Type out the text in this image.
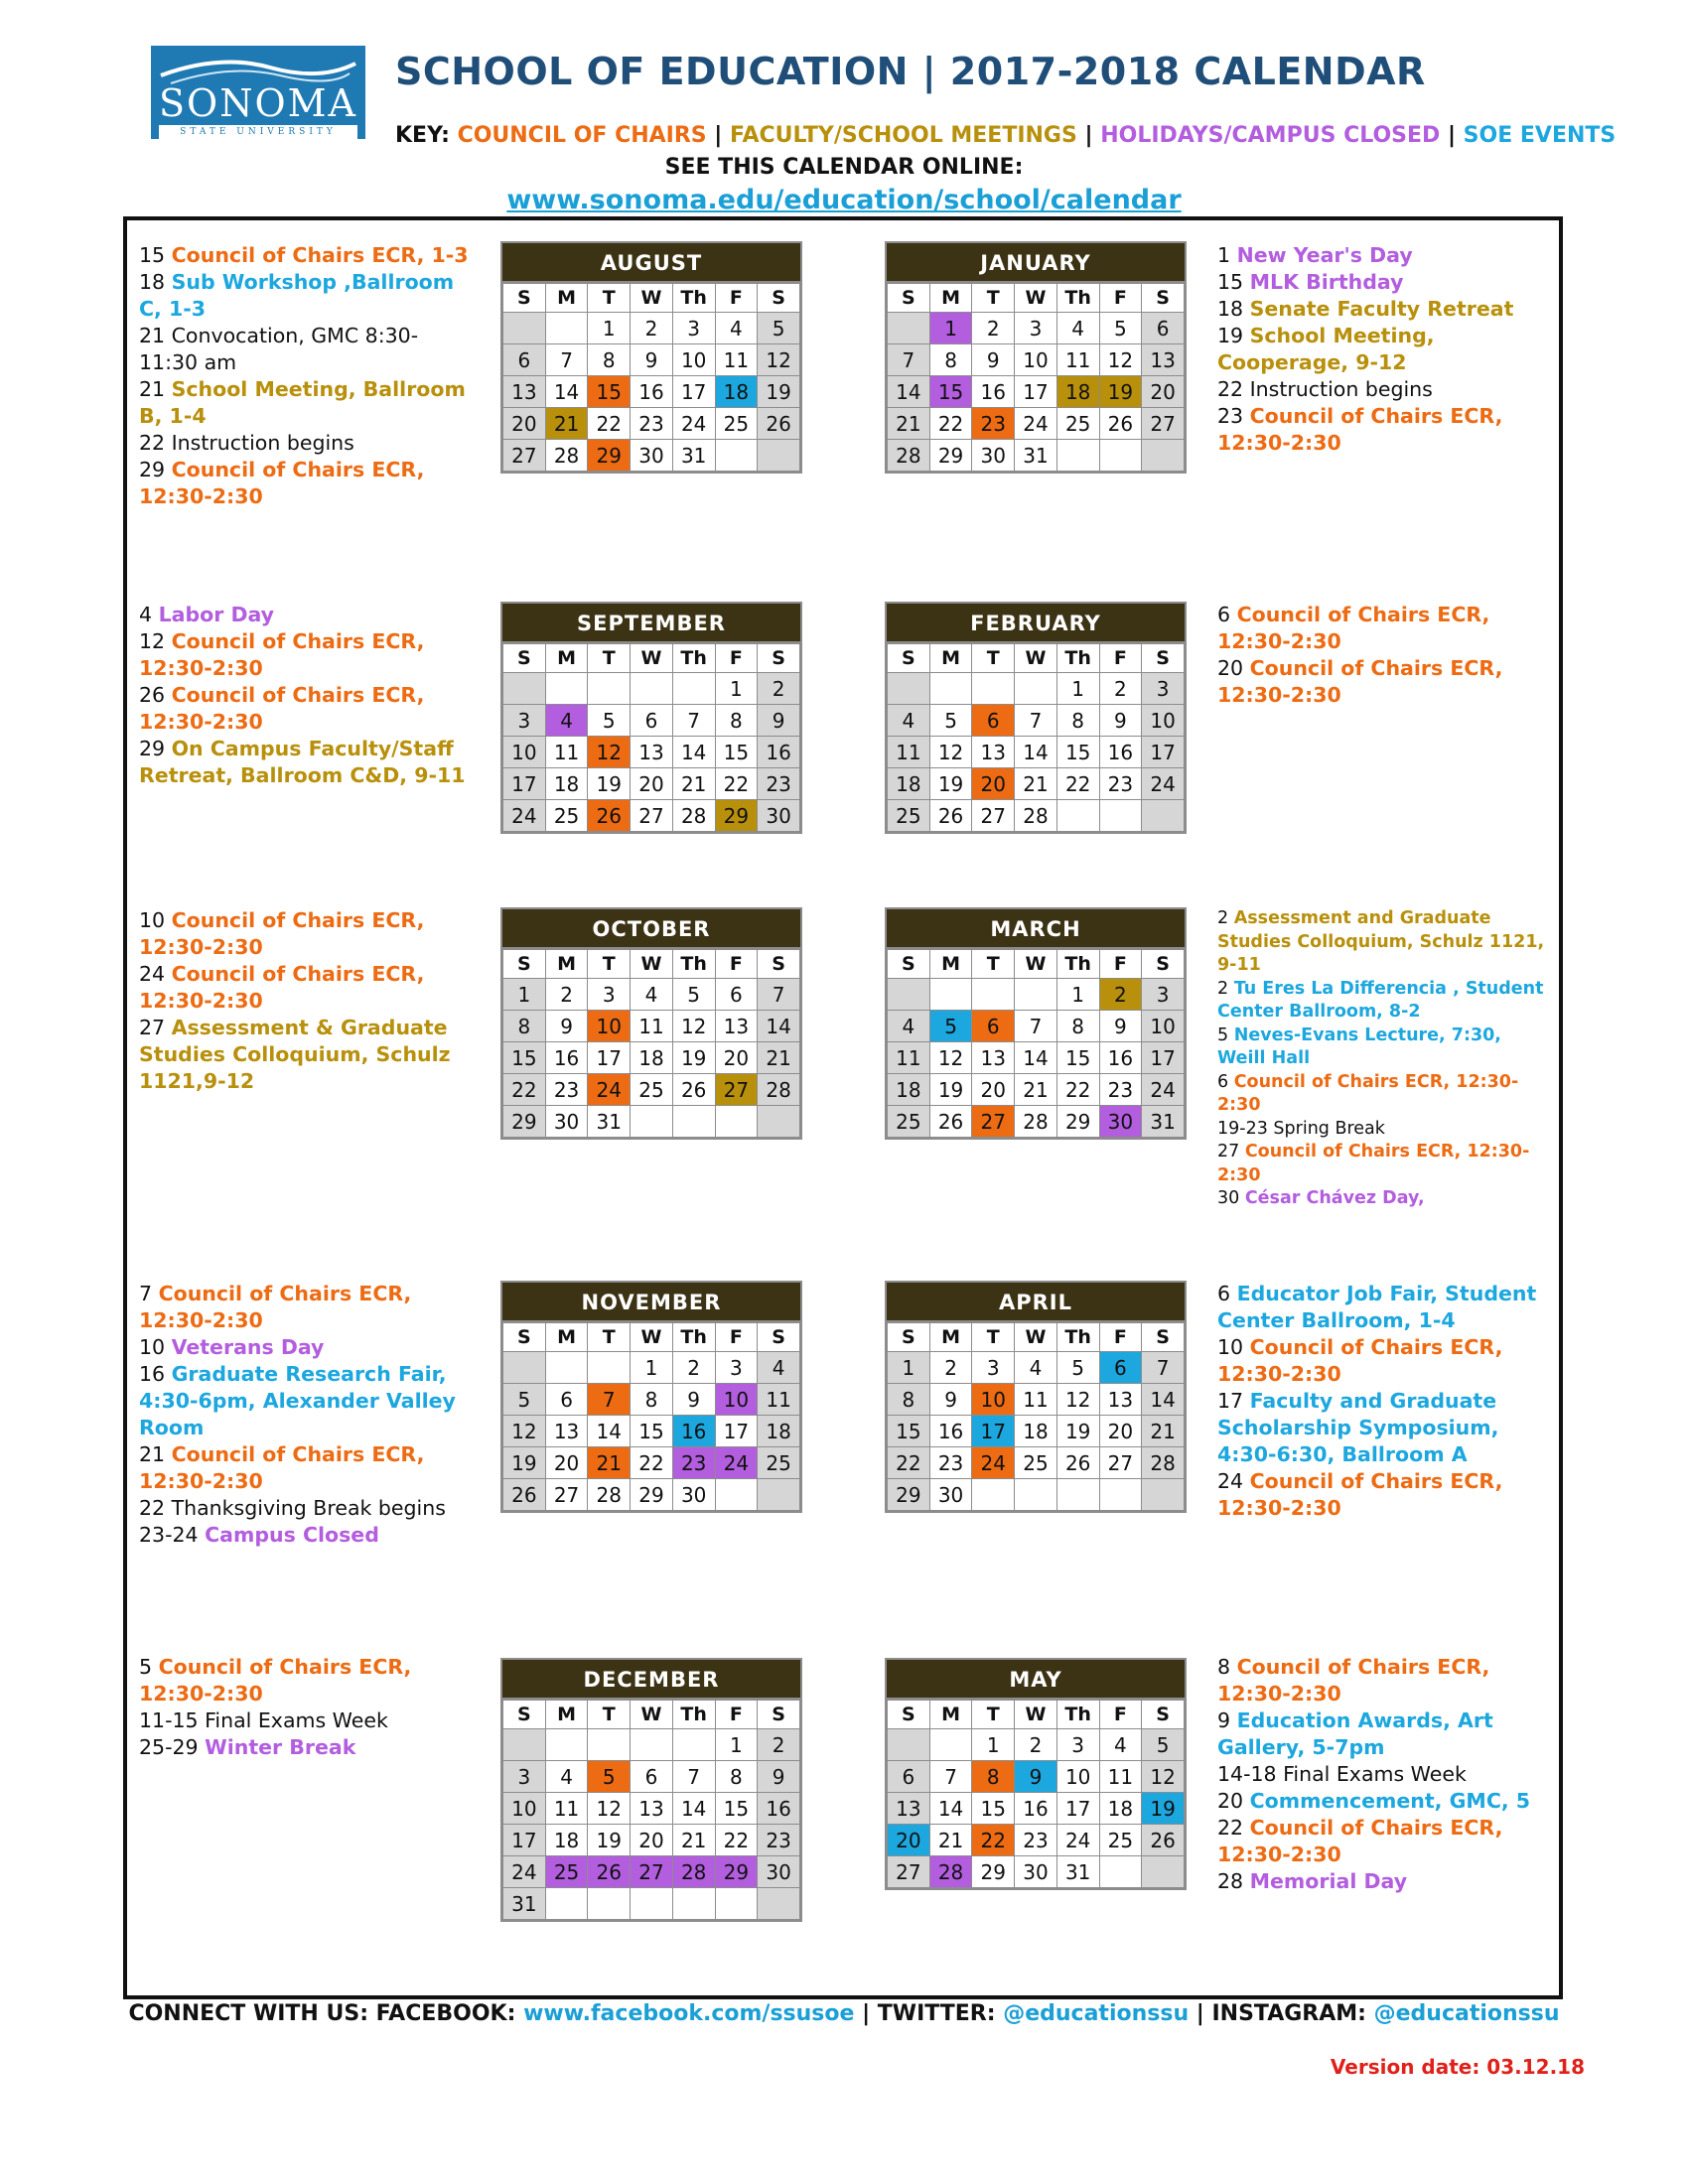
SONOMA
STATE UNIVERSITY
SCHOOL OF EDUCATION | 2017-2018 CALENDAR
KEY: COUNCIL OF CHAIRS | FACULTY/SCHOOL MEETINGS | HOLIDAYS/CAMPUS CLOSED | SOE EVENTS
SEE THIS CALENDAR ONLINE:
www.sonoma.edu/education/school/calendar
15 Council of Chairs ECR, 1-3
18 Sub Workshop ,Ballroom C, 1-3
21 Convocation, GMC 8:30-11:30 am
21 School Meeting, Ballroom B, 1-4
22 Instruction begins
29 Council of Chairs ECR, 12:30-2:30
4 Labor Day
12 Council of Chairs ECR, 12:30-2:30
26 Council of Chairs ECR, 12:30-2:30
29 On Campus Faculty/Staff Retreat, Ballroom C&D, 9-11
10 Council of Chairs ECR, 12:30-2:30
24 Council of Chairs ECR, 12:30-2:30
27 Assessment & Graduate Studies Colloquium, Schulz 1121,9-12
7 Council of Chairs ECR, 12:30-2:30
10 Veterans Day
16 Graduate Research Fair, 4:30-6pm, Alexander Valley Room
21 Council of Chairs ECR, 12:30-2:30
22 Thanksgiving Break begins
23-24 Campus Closed
5 Council of Chairs ECR, 12:30-2:30
11-15 Final Exams Week
25-29 Winter Break
1 New Year's Day
15 MLK Birthday
18 Senate Faculty Retreat
19 School Meeting, Cooperage, 9-12
22 Instruction begins
23 Council of Chairs ECR, 12:30-2:30
6 Council of Chairs ECR, 12:30-2:30
20 Council of Chairs ECR, 12:30-2:30
2 Assessment and Graduate Studies Colloquium, Schulz 1121, 9-11
2 Tu Eres La Differencia , Student Center Ballroom, 8-2
5 Neves-Evans Lecture, 7:30, Weill Hall
6 Council of Chairs ECR, 12:30-2:30
19-23 Spring Break
27 Council of Chairs ECR, 12:30-2:30
30 César Chávez Day,
6 Educator Job Fair, Student Center Ballroom, 1-4
10 Council of Chairs ECR, 12:30-2:30
17 Faculty and Graduate Scholarship Symposium, 4:30-6:30, Ballroom A
24 Council of Chairs ECR, 12:30-2:30
8 Council of Chairs ECR, 12:30-2:30
9 Education Awards, Art Gallery, 5-7pm
14-18 Final Exams Week
20 Commencement, GMC, 5
22 Council of Chairs ECR, 12:30-2:30
28 Memorial Day
AUGUST
S	M	T	W	Th	F	S
		1	2	3	4	5
6	7	8	9	10	11	12
13	14	15	16	17	18	19
20	21	22	23	24	25	26
27	28	29	30	31		
SEPTEMBER
S	M	T	W	Th	F	S
					1	2
3	4	5	6	7	8	9
10	11	12	13	14	15	16
17	18	19	20	21	22	23
24	25	26	27	28	29	30
OCTOBER
S	M	T	W	Th	F	S
1	2	3	4	5	6	7
8	9	10	11	12	13	14
15	16	17	18	19	20	21
22	23	24	25	26	27	28
29	30	31				
NOVEMBER
S	M	T	W	Th	F	S
			1	2	3	4
5	6	7	8	9	10	11
12	13	14	15	16	17	18
19	20	21	22	23	24	25
26	27	28	29	30		
DECEMBER
S	M	T	W	Th	F	S
					1	2
3	4	5	6	7	8	9
10	11	12	13	14	15	16
17	18	19	20	21	22	23
24	25	26	27	28	29	30
31						
JANUARY
S	M	T	W	Th	F	S
	1	2	3	4	5	6
7	8	9	10	11	12	13
14	15	16	17	18	19	20
21	22	23	24	25	26	27
28	29	30	31			
FEBRUARY
S	M	T	W	Th	F	S
				1	2	3
4	5	6	7	8	9	10
11	12	13	14	15	16	17
18	19	20	21	22	23	24
25	26	27	28			
MARCH
S	M	T	W	Th	F	S
				1	2	3
4	5	6	7	8	9	10
11	12	13	14	15	16	17
18	19	20	21	22	23	24
25	26	27	28	29	30	31
APRIL
S	M	T	W	Th	F	S
1	2	3	4	5	6	7
8	9	10	11	12	13	14
15	16	17	18	19	20	21
22	23	24	25	26	27	28
29	30					
MAY
S	M	T	W	Th	F	S
		1	2	3	4	5
6	7	8	9	10	11	12
13	14	15	16	17	18	19
20	21	22	23	24	25	26
27	28	29	30	31		
CONNECT WITH US: FACEBOOK: www.facebook.com/ssusoe | TWITTER: @educationssu | INSTAGRAM: @educationssu
Version date: 03.12.18
